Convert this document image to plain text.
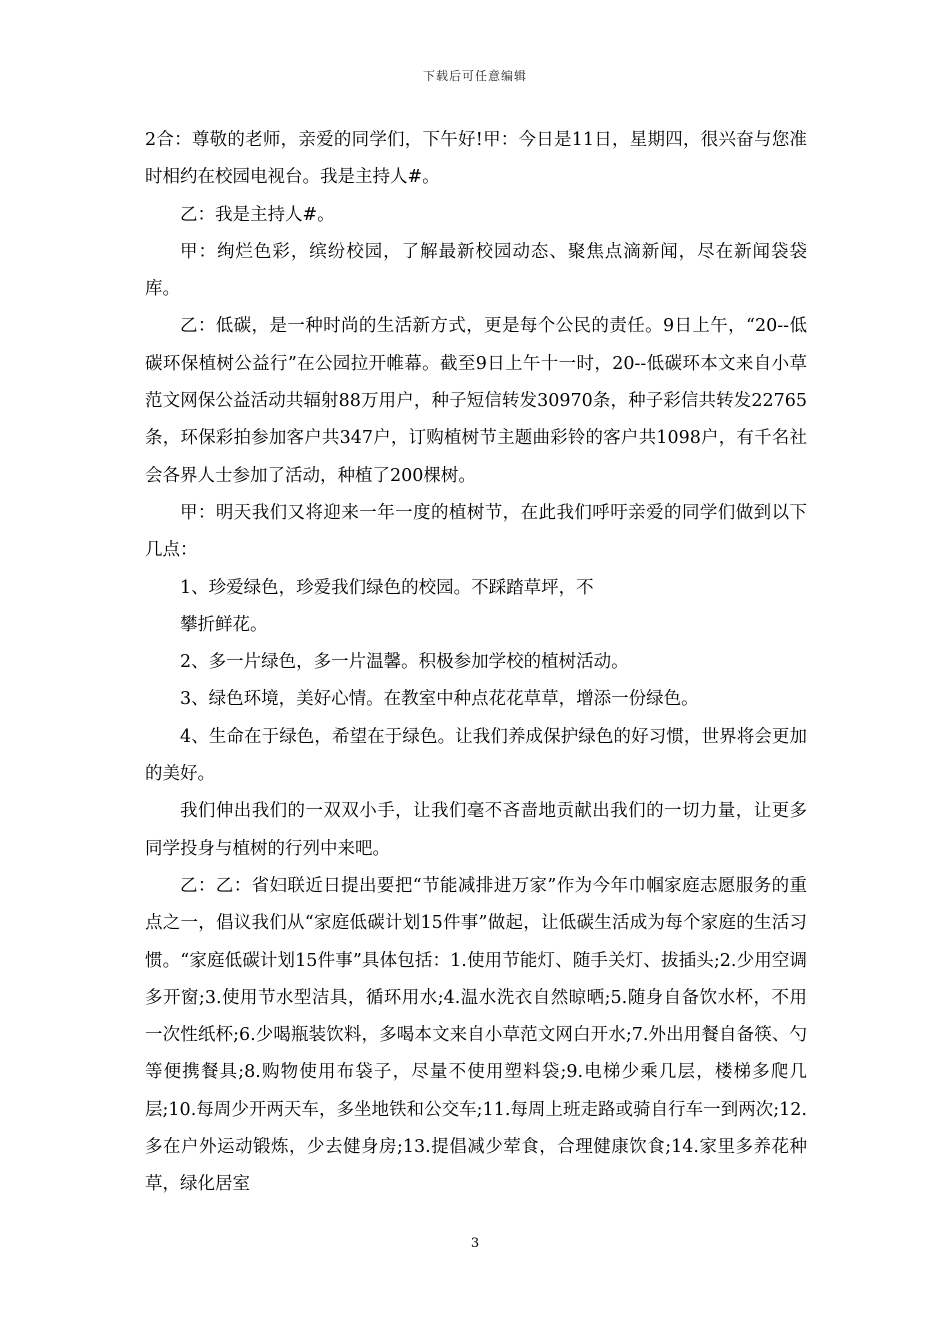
下载后可任意编辑

2合：尊敬的老师，亲爱的同学们，下午好!甲：今日是11日，星期四，很兴奋与您准时相约在校园电视台。我是主持人#。

乙：我是主持人#。

甲：绚烂色彩，缤纷校园，了解最新校园动态、聚焦点滴新闻，尽在新闻袋袋库。

乙：低碳，是一种时尚的生活新方式，更是每个公民的责任。9日上午，“20--低碳环保植树公益行”在公园拉开帷幕。截至9日上午十一时，20--低碳环本文来自小草范文网保公益活动共辐射88万用户，种子短信转发30970条，种子彩信共转发22765条，环保彩拍参加客户共347户，订购植树节主题曲彩铃的客户共1098户，有千名社会各界人士参加了活动，种植了200棵树。

甲：明天我们又将迎来一年一度的植树节，在此我们呼吁亲爱的同学们做到以下几点：

1、珍爱绿色，珍爱我们绿色的校园。不踩踏草坪，不

攀折鲜花。

2、多一片绿色，多一片温馨。积极参加学校的植树活动。

3、绿色环境，美好心情。在教室中种点花花草草，增添一份绿色。

4、生命在于绿色，希望在于绿色。让我们养成保护绿色的好习惯，世界将会更加的美好。

我们伸出我们的一双双小手，让我们毫不吝啬地贡献出我们的一切力量，让更多同学投身与植树的行列中来吧。

乙：乙：省妇联近日提出要把“节能减排进万家”作为今年巾帼家庭志愿服务的重点之一，倡议我们从“家庭低碳计划15件事”做起，让低碳生活成为每个家庭的生活习惯。“家庭低碳计划15件事”具体包括：1.使用节能灯、随手关灯、拔插头;2.少用空调多开窗;3.使用节水型洁具，循环用水;4.温水洗衣自然晾晒;5.随身自备饮水杯，不用一次性纸杯;6.少喝瓶装饮料，多喝本文来自小草范文网白开水;7.外出用餐自备筷、勺等便携餐具;8.购物使用布袋子，尽量不使用塑料袋;9.电梯少乘几层，楼梯多爬几层;10.每周少开两天车，多坐地铁和公交车;11.每周上班走路或骑自行车一到两次;12.多在户外运动锻炼，少去健身房;13.提倡减少荤食，合理健康饮食;14.家里多养花种草，绿化居室

3
